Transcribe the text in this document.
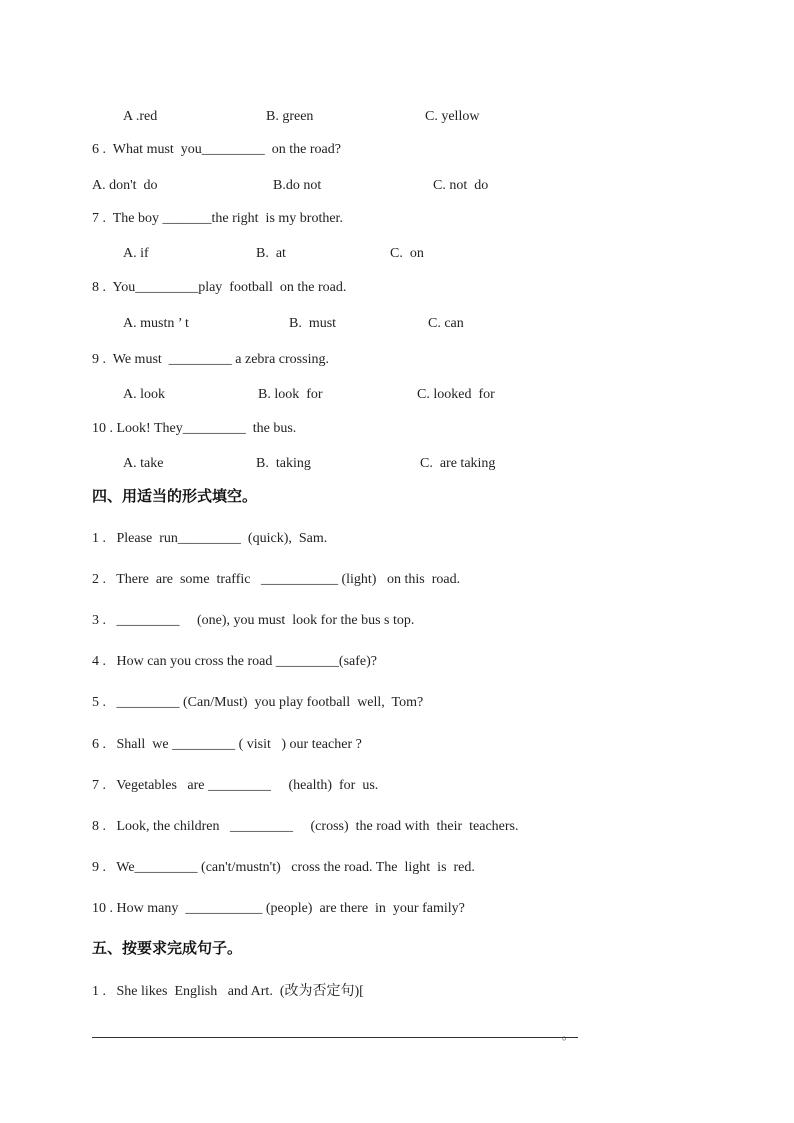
A .red	B. green	C. yellow
6 .  What must  you_________  on the road?
A. don't  do	B.do not	C. not  do
7 .  The boy _______the right  is my brother.
A. if	B.  at	C.  on
8 .  You_________play  football  on the road.
A. mustn ’ t	B.  must	C. can
9 .  We must  _________ a zebra crossing.
A. look	B. look  for	C. looked  for
10 . Look! They_________  the bus.
A. take	B.  taking	C.  are taking
四、用适当的形式填空。
1 .   Please  run_________  (quick),  Sam.
2 .   There  are  some  traffic   ___________ (light)   on this  road.
3 .   _________     (one), you must  look for the bus s top.
4 .   How can you cross the road _________(safe)?
5 .   _________ (Can/Must)  you play football  well,  Tom?
6 .   Shall  we _________ ( visit   ) our teacher ?
7 .   Vegetables   are _________     (health)  for  us.
8 .   Look, the children   _________     (cross)  the road with  their  teachers.
9 .   We_________ (can't/mustn't)   cross the road. The  light  is  red.
10 . How many  ___________ (people)  are there  in  your family?
五、按要求完成句子。
1 .   She likes  English   and Art.  (改为否定句)[
。
